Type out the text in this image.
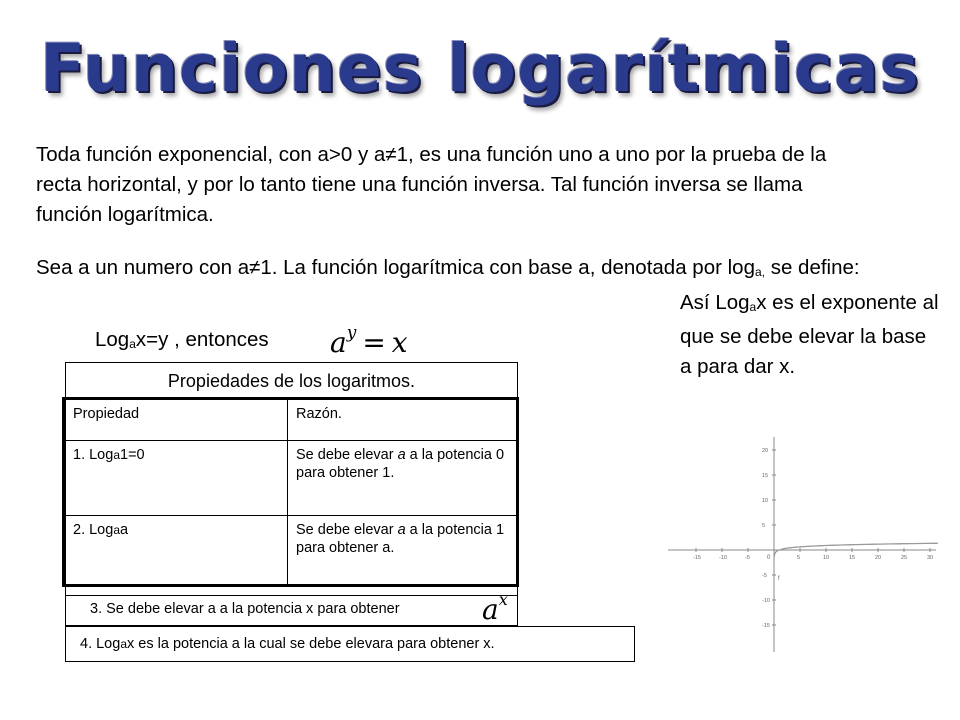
Funciones logarítmicas
Toda función exponencial, con a>0 y a≠1, es una función uno a uno por la prueba de la recta horizontal, y por lo tanto tiene una función inversa. Tal función inversa se llama función logarítmica.
Sea a un numero con a≠1. La función logarítmica con base a, denotada por $\log_{a,}$ se define:
Así Log$_a$x es el exponente al que se debe elevar la base a para dar x.
Log$_a$x=y , entonces $a^y = x$
Propiedades de los logaritmos.
Propiedad	Razón.
1. Loga1=0	Se debe elevar a a la potencia 0 para obtener 1.
2. Logaa	Se debe elevar a a la potencia 1 para obtener a.
3. Se debe elevar a a la potencia x para obtener	$a^x$
4. Logax es la potencia a la cual se debe elevara para obtener x.
-15	-10	-5	5	10	15	20	25	30
20
15
10
5
-5
-10
-15
0
f
